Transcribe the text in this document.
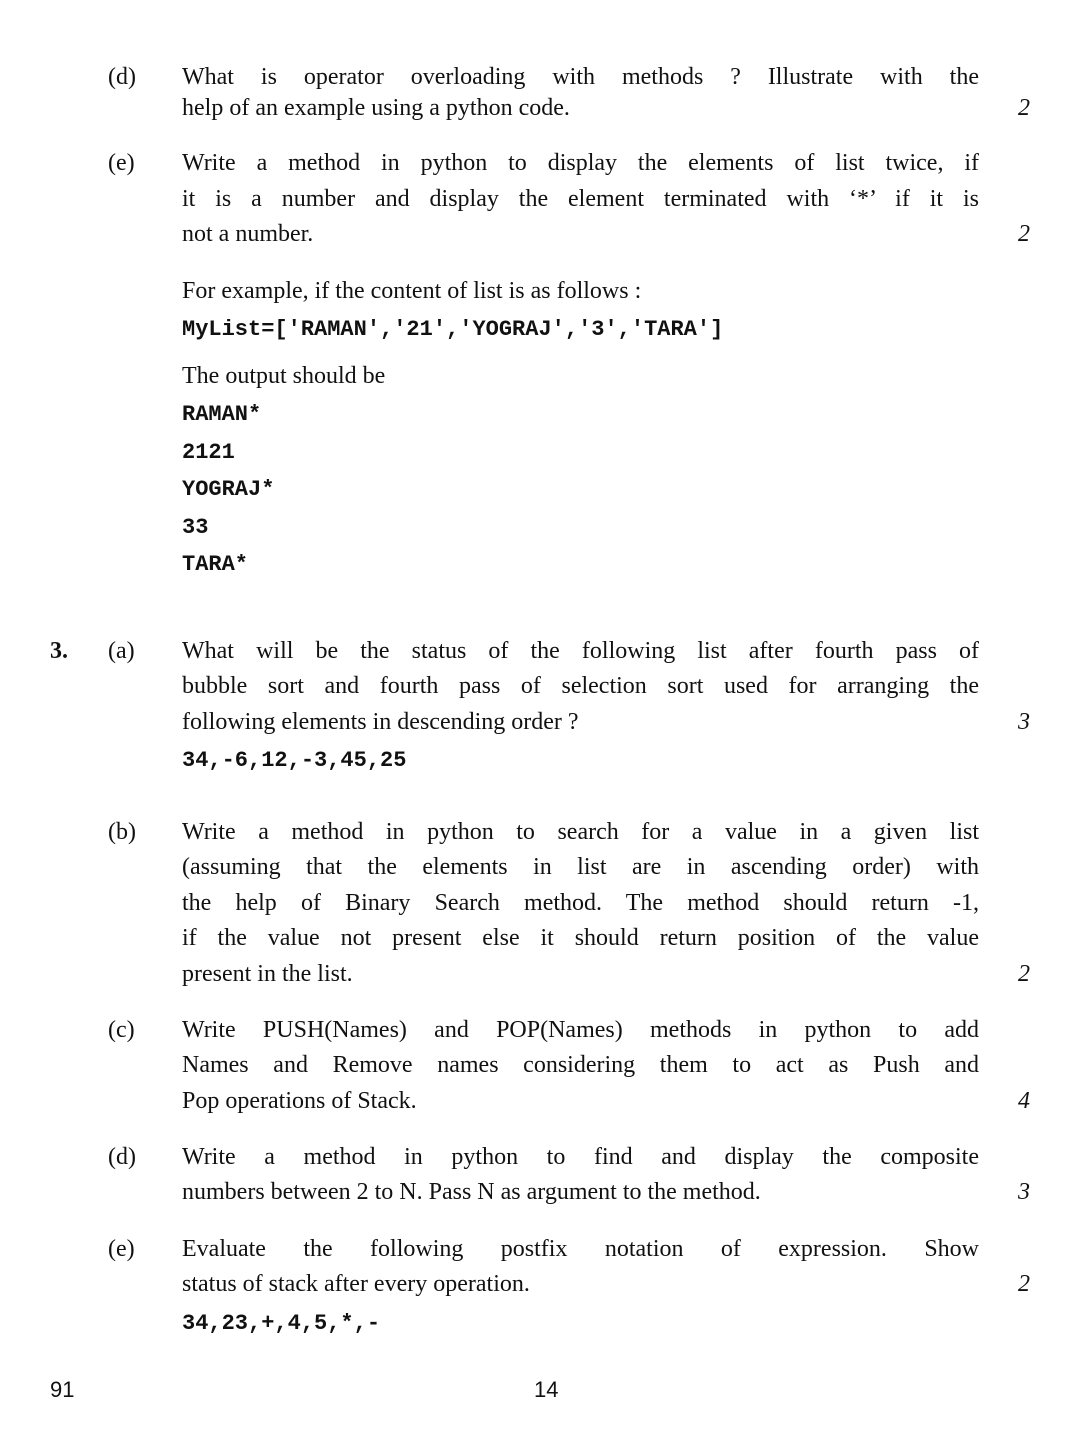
(d) What is operator overloading with methods ? Illustrate with the

help of an example using a python code.	2
(e) Write a method in python to display the elements of list twice, if

it is a number and display the element terminated with ‘*’ if it is

not a number.	2

For example, if the content of list is as follows :

MyList=['RAMAN','21','YOGRAJ','3','TARA']

The output should be

RAMAN*
2121
YOGRAJ*
33
TARA*
3. (a) What will be the status of the following list after fourth pass of

bubble sort and fourth pass of selection sort used for arranging the

following elements in descending order ?	3
34,-6,12,-3,45,25
(b) Write a method in python to search for a value in a given list

(assuming that the elements in list are in ascending order) with

the help of Binary Search method. The method should return -1,

if the value not present else it should return position of the value

present in the list.	2
(c) Write PUSH(Names) and POP(Names) methods in python to add

Names and Remove names considering them to act as Push and

Pop operations of Stack.	4
(d) Write a method in python to find and display the composite

numbers between 2 to N. Pass N as argument to the method.	3
(e) Evaluate the following postfix notation of expression. Show

status of stack after every operation.	2
34,23,+,4,5,*,-
91	14
